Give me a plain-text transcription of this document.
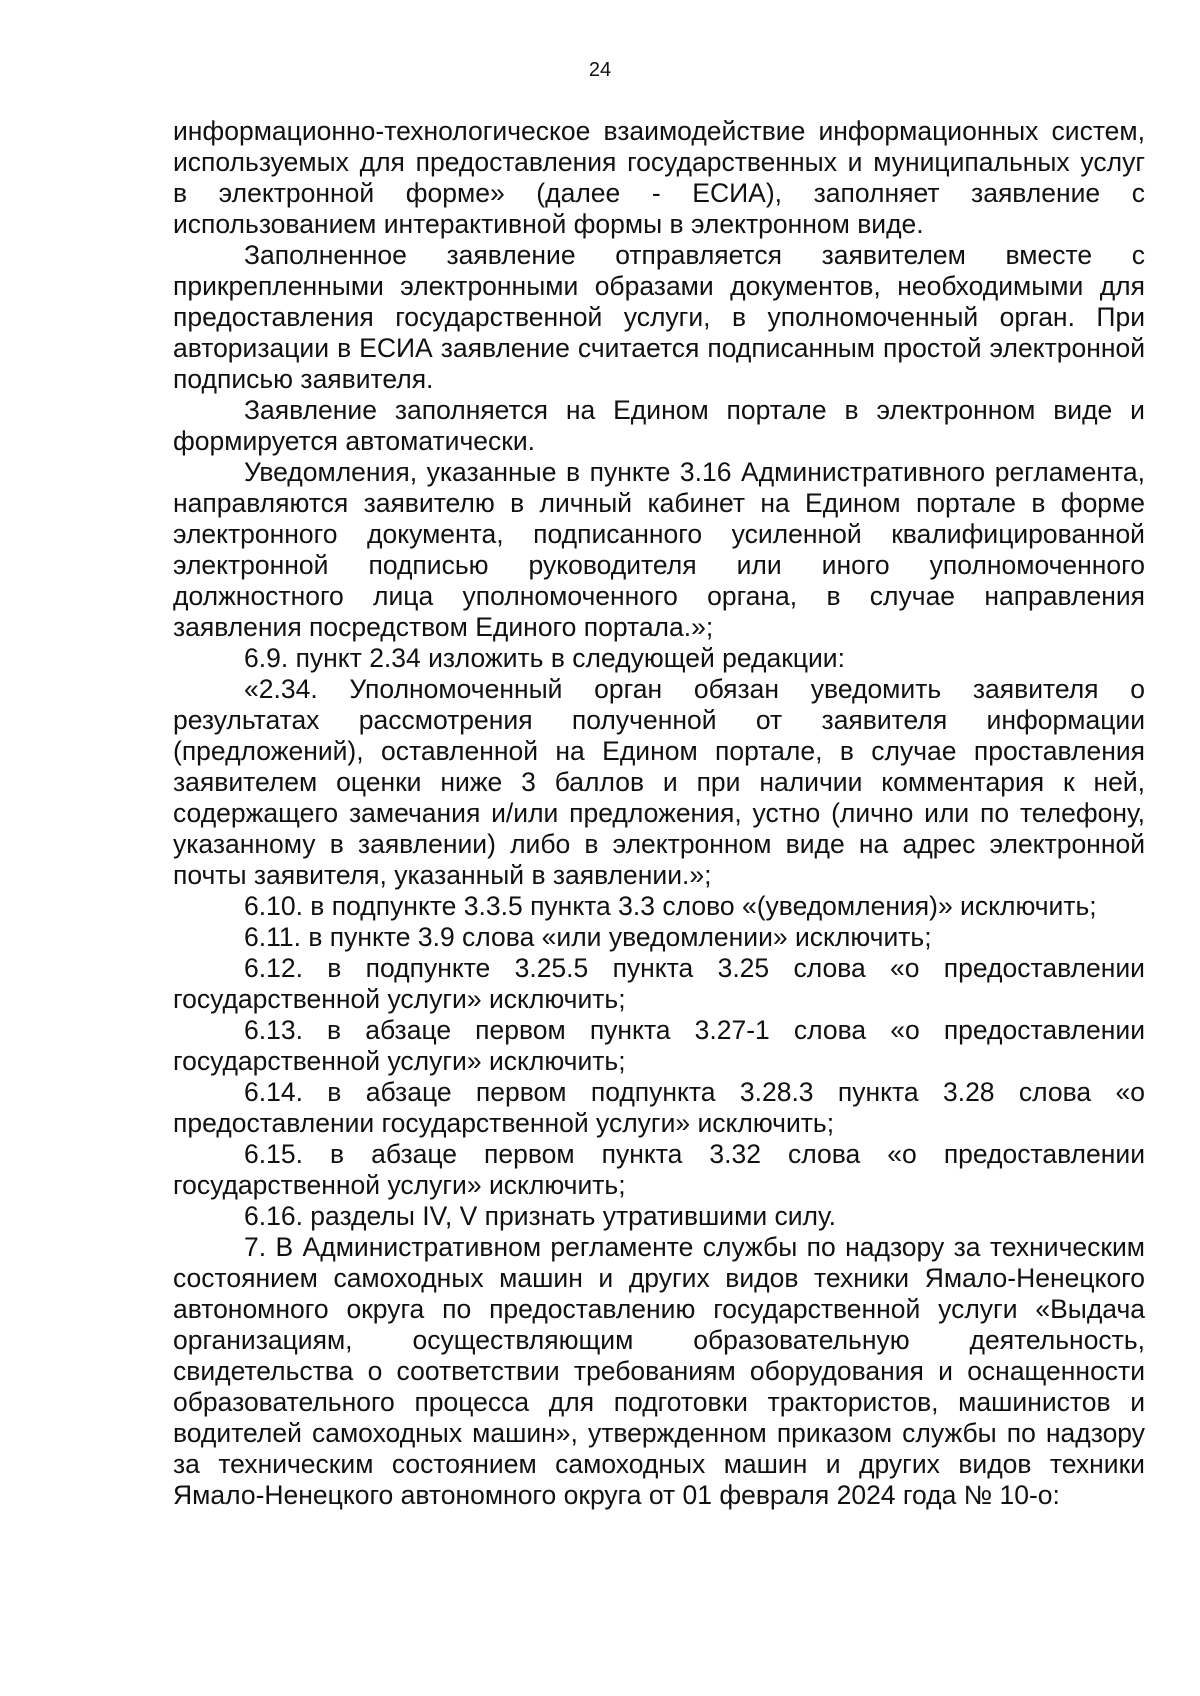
24

информационно-технологическое взаимодействие информационных систем, используемых для предоставления государственных и муниципальных услуг в электронной форме» (далее - ЕСИА), заполняет заявление с использованием интерактивной формы в электронном виде.

Заполненное заявление отправляется заявителем вместе с прикрепленными электронными образами документов, необходимыми для предоставления государственной услуги, в уполномоченный орган. При авторизации в ЕСИА заявление считается подписанным простой электронной подписью заявителя.

Заявление заполняется на Едином портале в электронном виде и формируется автоматически.

Уведомления, указанные в пункте 3.16 Административного регламента, направляются заявителю в личный кабинет на Едином портале в форме электронного документа, подписанного усиленной квалифицированной электронной подписью руководителя или иного уполномоченного должностного лица уполномоченного органа, в случае направления заявления посредством Единого портала.»;

6.9. пункт 2.34 изложить в следующей редакции:

«2.34. Уполномоченный орган обязан уведомить заявителя о результатах рассмотрения полученной от заявителя информации (предложений), оставленной на Едином портале, в случае проставления заявителем оценки ниже 3 баллов и при наличии комментария к ней, содержащего замечания и/или предложения, устно (лично или по телефону, указанному в заявлении) либо в электронном виде на адрес электронной почты заявителя, указанный в заявлении.»;

6.10. в подпункте 3.3.5 пункта 3.3 слово «(уведомления)» исключить;

6.11. в пункте 3.9 слова «или уведомлении» исключить;

6.12. в подпункте 3.25.5 пункта 3.25 слова «о предоставлении государственной услуги» исключить;

6.13. в абзаце первом пункта 3.27-1 слова «о предоставлении государственной услуги» исключить;

6.14. в абзаце первом подпункта 3.28.3 пункта 3.28 слова «о предоставлении государственной услуги» исключить;

6.15. в абзаце первом пункта 3.32 слова «о предоставлении государственной услуги» исключить;

6.16. разделы IV, V признать утратившими силу.

7. В Административном регламенте службы по надзору за техническим состоянием самоходных машин и других видов техники Ямало-Ненецкого автономного округа по предоставлению государственной услуги «Выдача организациям, осуществляющим образовательную деятельность, свидетельства о соответствии требованиям оборудования и оснащенности образовательного процесса для подготовки трактористов, машинистов и водителей самоходных машин», утвержденном приказом службы по надзору за техническим состоянием самоходных машин и других видов техники Ямало-Ненецкого автономного округа от 01 февраля 2024 года № 10-о:
